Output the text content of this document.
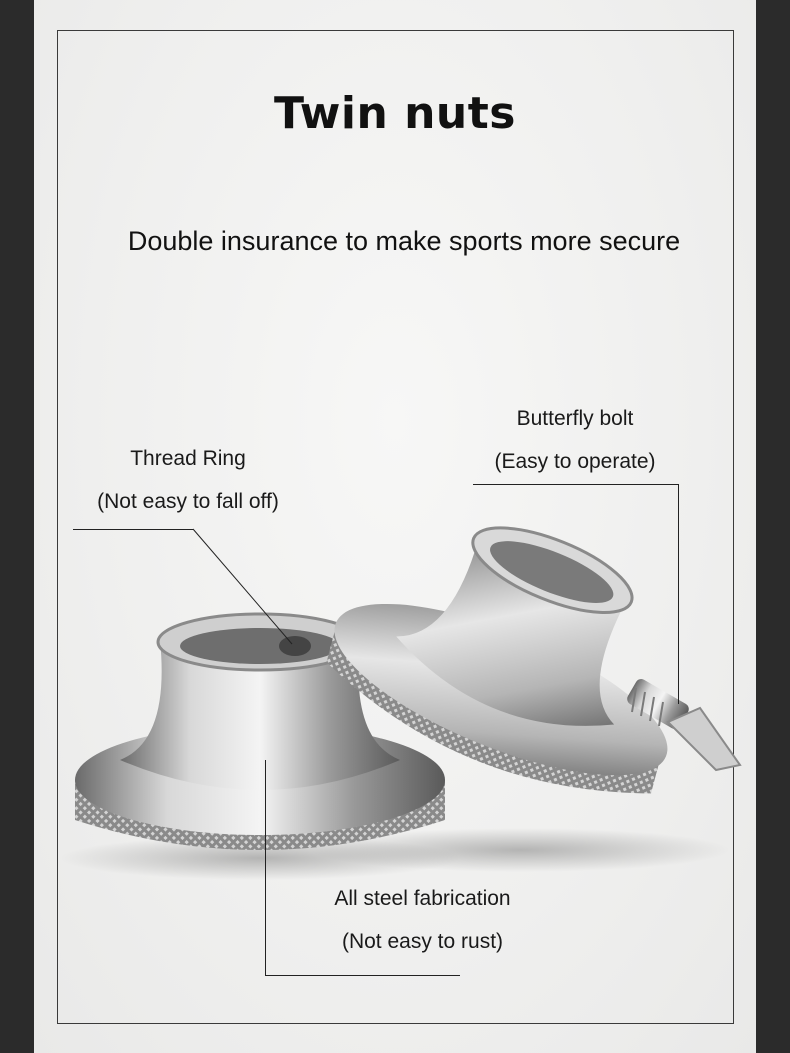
Twin nuts
Double insurance to make sports more secure
Thread Ring
(Not easy to fall off)
Butterfly bolt
(Easy to operate)
All steel fabrication
(Not easy to rust)
